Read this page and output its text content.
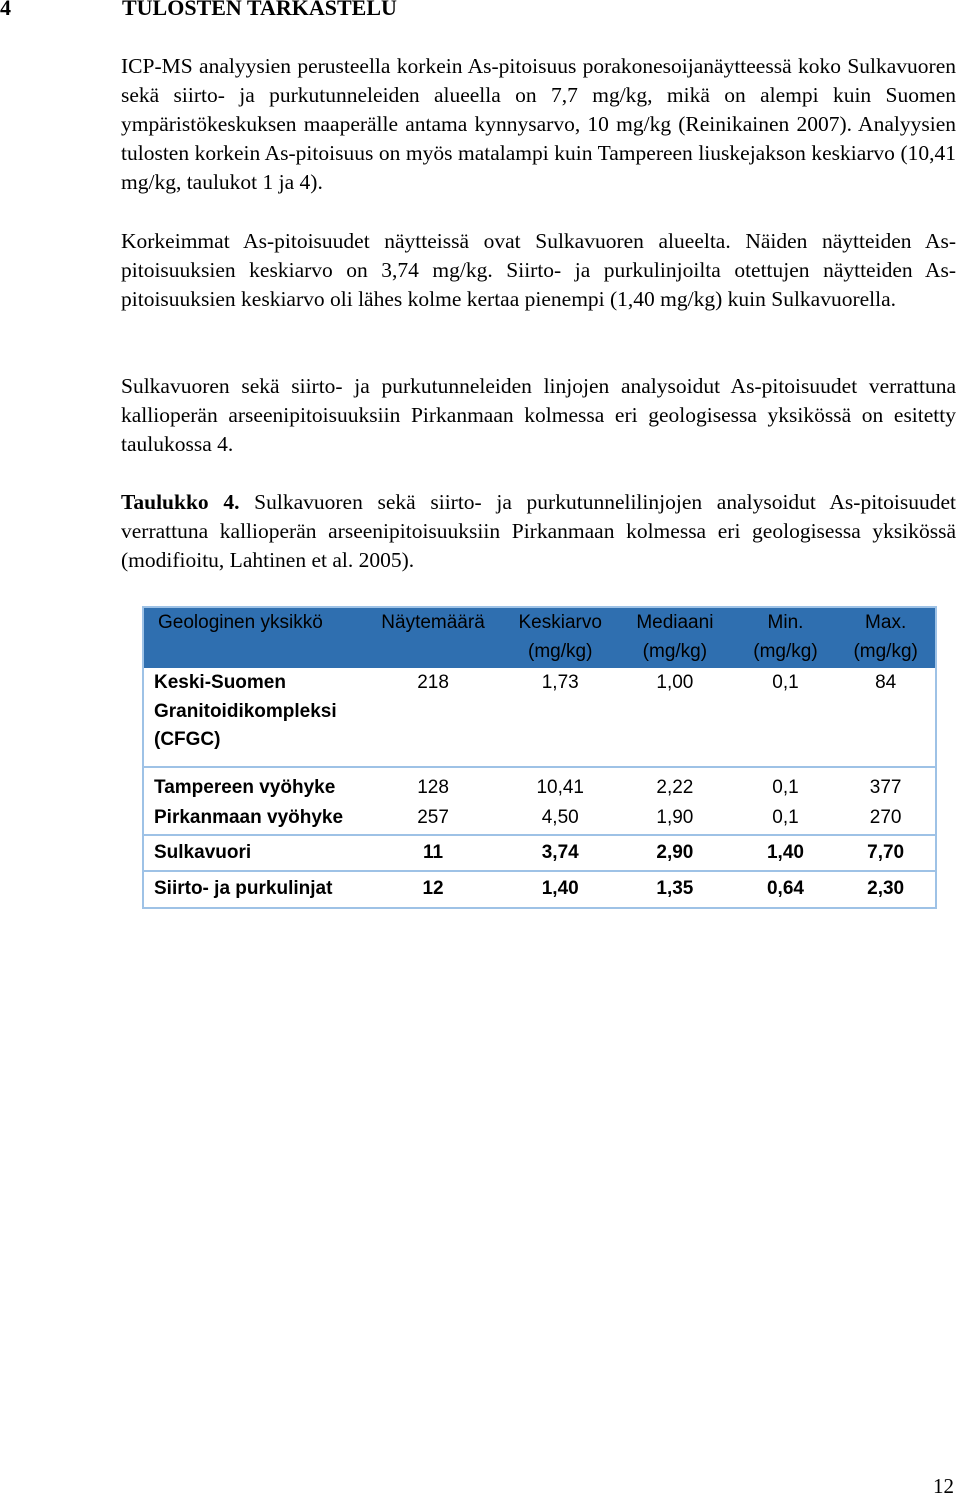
4	TULOSTEN TARKASTELU

ICP-MS analyysien perusteella korkein As-pitoisuus porakonesoijanäytteessä koko Sulkavuoren sekä siirto- ja purkutunneleiden alueella on 7,7 mg/kg, mikä on alempi kuin Suomen ympäristökeskuksen maaperälle antama kynnysarvo, 10 mg/kg (Reinikainen 2007). Analyysien tulosten korkein As-pitoisuus on myös matalampi kuin Tampereen liuskejakson keskiarvo (10,41 mg/kg, taulukot 1 ja 4).

Korkeimmat As-pitoisuudet näytteissä ovat Sulkavuoren alueelta. Näiden näytteiden As-pitoisuuksien keskiarvo on 3,74 mg/kg. Siirto- ja purkulinjoilta otettujen näytteiden As-pitoisuuksien keskiarvo oli lähes kolme kertaa pienempi (1,40 mg/kg) kuin Sulkavuorella.

Sulkavuoren sekä siirto- ja purkutunneleiden linjojen analysoidut As-pitoisuudet verrattuna kallioperän arseenipitoisuuksiin Pirkanmaan kolmessa eri geologisessa yksikössä on esitetty taulukossa 4.

Taulukko 4. Sulkavuoren sekä siirto- ja purkutunnelilinjojen analysoidut As-pitoisuudet verrattuna kallioperän arseenipitoisuuksiin Pirkanmaan kolmessa eri geologisessa yksikössä (modifioitu, Lahtinen et al. 2005).

Geologinen yksikkö	Näytemäärä	Keskiarvo (mg/kg)	Mediaani (mg/kg)	Min. (mg/kg)	Max. (mg/kg)
Keski-Suomen Granitoidikompleksi (CFGC)	218	1,73	1,00	0,1	84
Tampereen vyöhyke	128	10,41	2,22	0,1	377
Pirkanmaan vyöhyke	257	4,50	1,90	0,1	270
Sulkavuori	11	3,74	2,90	1,40	7,70
Siirto- ja purkulinjat	12	1,40	1,35	0,64	2,30
12
